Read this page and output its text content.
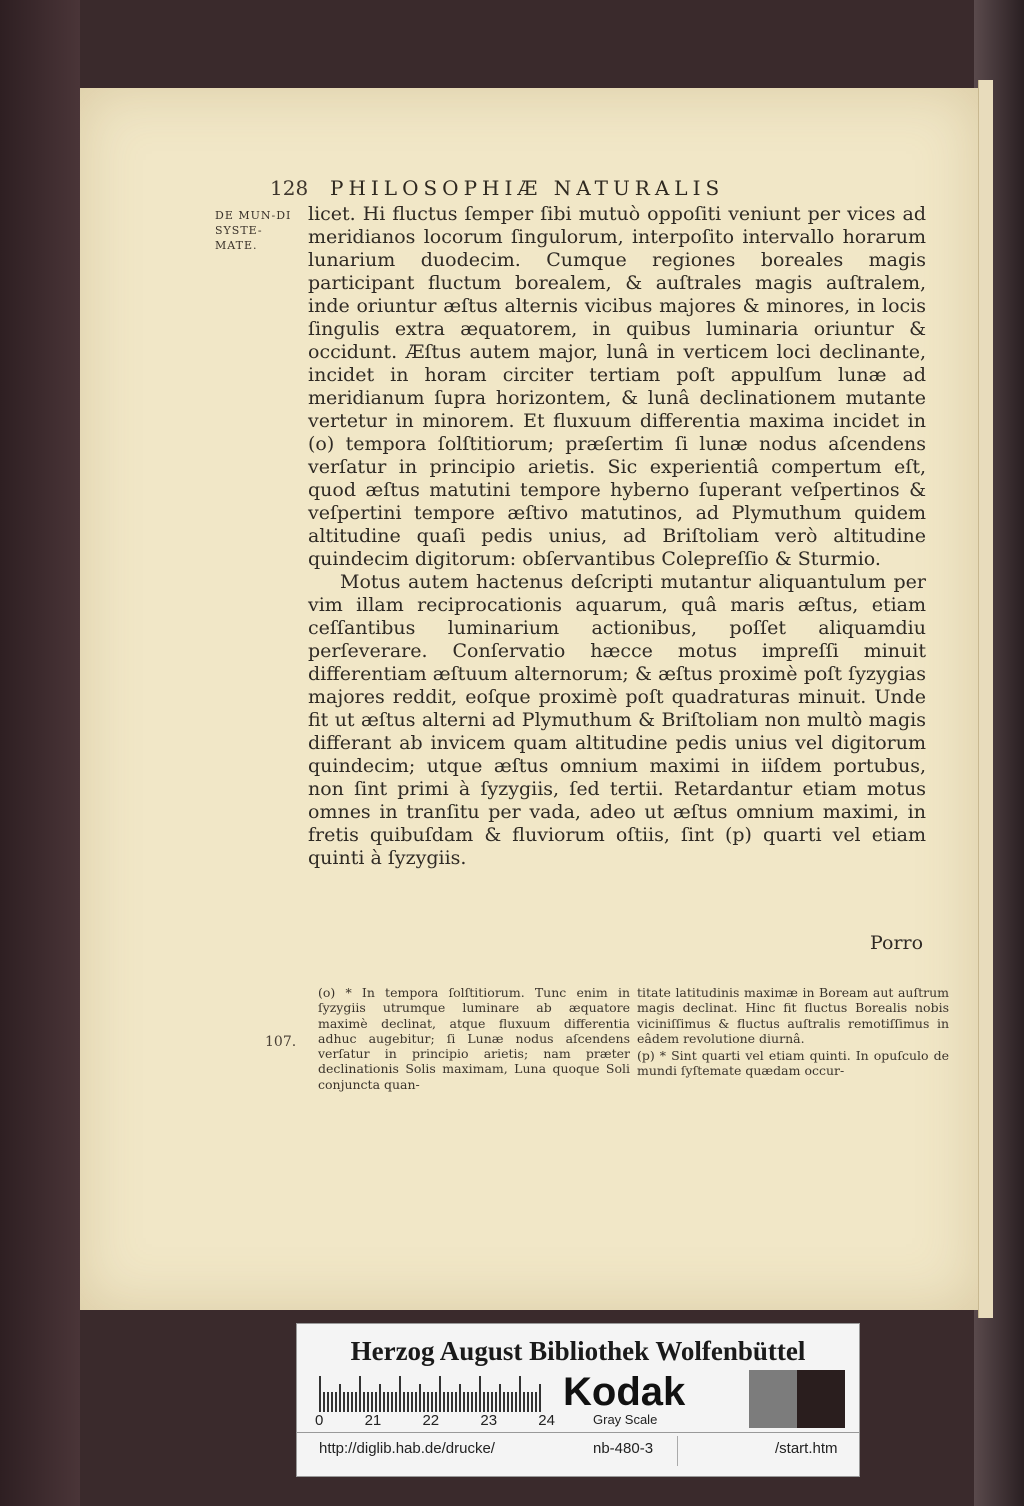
128 PHILOSOPHIÆ NATURALIS
DE MUN-DI SYSTE-MATE.
107.

licet. Hi fluctus ſemper ſibi mutuò oppoſiti veniunt per vices ad meridianos locorum ſingulorum, interpoſito intervallo horarum lunarium duodecim. Cumque regiones boreales magis participant fluctum borealem, & auſtrales magis auſtralem, inde oriuntur æſtus alternis vicibus majores & minores, in locis ſingulis extra æquatorem, in quibus luminaria oriuntur & occidunt. Æſtus autem major, lunâ in verticem loci declinante, incidet in horam circiter tertiam poſt appulſum lunæ ad meridianum ſupra horizontem, & lunâ declinationem mutante vertetur in minorem. Et fluxuum differentia maxima incidet in (o) tempora ſolſtitiorum; præſertim ſi lunæ nodus aſcendens verſatur in principio arietis. Sic experientiâ compertum eſt, quod æſtus matutini tempore hyberno ſuperant veſpertinos & veſpertini tempore æſtivo matutinos, ad Plymuthum quidem altitudine quaſi pedis unius, ad Briſtoliam verò altitudine quindecim digitorum: obſervantibus Colepreſſio & Sturmio.

Motus autem hactenus deſcripti mutantur aliquantulum per vim illam reciprocationis aquarum, quâ maris æſtus, etiam ceſſantibus luminarium actionibus, poſſet aliquamdiu perſeverare. Conſervatio hæcce motus impreſſi minuit differentiam æſtuum alternorum; & æſtus proximè poſt ſyzygias majores reddit, eoſque proximè poſt quadraturas minuit. Unde fit ut æſtus alterni ad Plymuthum & Briſtoliam non multò magis differant ab invicem quam altitudine pedis unius vel digitorum quindecim; utque æſtus omnium maximi in iiſdem portubus, non ſint primi à ſyzygiis, ſed tertii. Retardantur etiam motus omnes in tranſitu per vada, adeo ut æſtus omnium maximi, in fretis quibuſdam & fluviorum oſtiis, ſint (p) quarti vel etiam quinti à ſyzygiis.

Porro

(o) * In tempora ſolſtitiorum. Tunc enim in ſyzygiis utrumque luminare ab æquatore maximè declinat, atque fluxuum differentia adhuc augebitur; ſi Lunæ nodus aſcendens verſatur in principio arietis; nam præter declinationis Solis maximam, Luna quoque Soli conjuncta quan-

titate latitudinis maximæ in Boream aut auſtrum magis declinat. Hinc fit fluctus Borealis nobis viciniſſimus & fluctus auſtralis remotiſſimus in eâdem revolutione diurnâ.

(p) * Sint quarti vel etiam quinti. In opuſculo de mundi ſyſtemate quædam occur-

Herzog August Bibliothek Wolfenbüttel
0	21	22	23	24
Kodak
Gray Scale
http://diglib.hab.de/drucke/	nb-480-3	/start.htm
